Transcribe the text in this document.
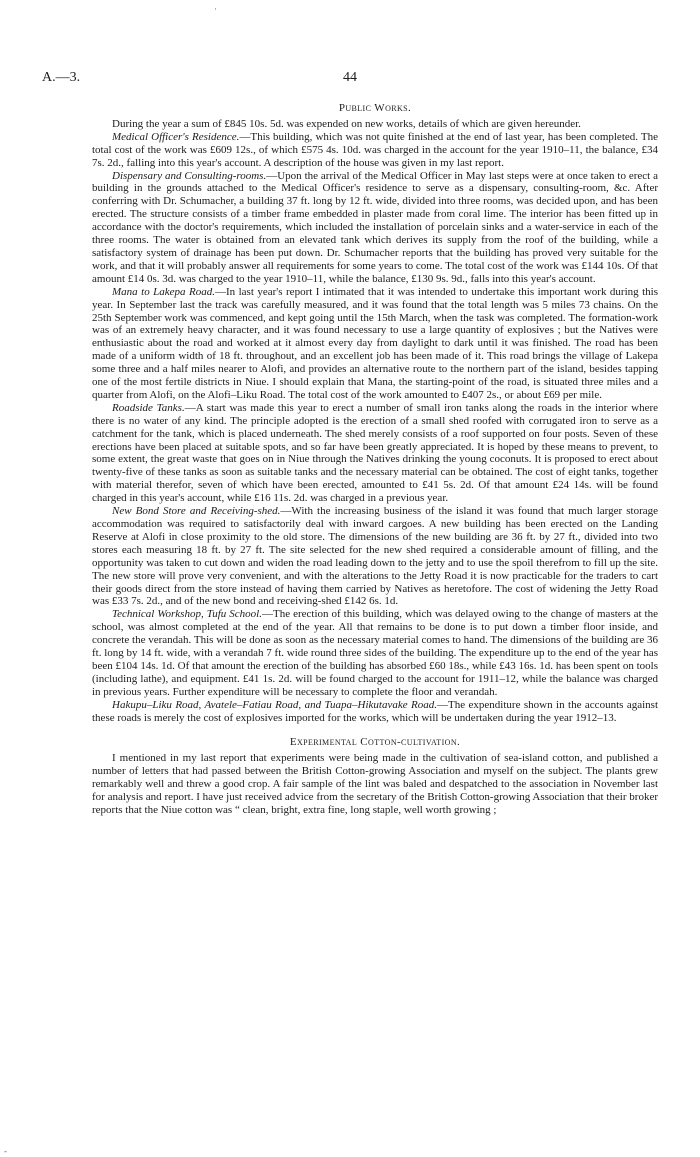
A.—3.	44
Public Works.

During the year a sum of £845 10s. 5d. was expended on new works, details of which are given hereunder.

Medical Officer's Residence.—This building, which was not quite finished at the end of last year, has been completed. The total cost of the work was £609 12s., of which £575 4s. 10d. was charged in the account for the year 1910–11, the balance, £34 7s. 2d., falling into this year's account. A description of the house was given in my last report.

Dispensary and Consulting-rooms.—Upon the arrival of the Medical Officer in May last steps were at once taken to erect a building in the grounds attached to the Medical Officer's residence to serve as a dispensary, consulting-room, &c. After conferring with Dr. Schumacher, a building 37 ft. long by 12 ft. wide, divided into three rooms, was decided upon, and has been erected. The structure consists of a timber frame embedded in plaster made from coral lime. The interior has been fitted up in accordance with the doctor's requirements, which included the installation of porcelain sinks and a water-service in each of the three rooms. The water is obtained from an elevated tank which derives its supply from the roof of the building, while a satisfactory system of drainage has been put down. Dr. Schumacher reports that the building has proved very suitable for the work, and that it will probably answer all requirements for some years to come. The total cost of the work was £144 10s. Of that amount £14 0s. 3d. was charged to the year 1910–11, while the balance, £130 9s. 9d., falls into this year's account.

Mana to Lakepa Road.—In last year's report I intimated that it was intended to undertake this important work during this year. In September last the track was carefully measured, and it was found that the total length was 5 miles 73 chains. On the 25th September work was commenced, and kept going until the 15th March, when the task was completed. The formation-work was of an extremely heavy character, and it was found necessary to use a large quantity of explosives ; but the Natives were enthusiastic about the road and worked at it almost every day from daylight to dark until it was finished. The road has been made of a uniform width of 18 ft. throughout, and an excellent job has been made of it. This road brings the village of Lakepa some three and a half miles nearer to Alofi, and provides an alternative route to the northern part of the island, besides tapping one of the most fertile districts in Niue. I should explain that Mana, the starting-point of the road, is situated three miles and a quarter from Alofi, on the Alofi–Liku Road. The total cost of the work amounted to £407 2s., or about £69 per mile.

Roadside Tanks.—A start was made this year to erect a number of small iron tanks along the roads in the interior where there is no water of any kind. The principle adopted is the erection of a small shed roofed with corrugated iron to serve as a catchment for the tank, which is placed underneath. The shed merely consists of a roof supported on four posts. Seven of these erections have been placed at suitable spots, and so far have been greatly appreciated. It is hoped by these means to prevent, to some extent, the great waste that goes on in Niue through the Natives drinking the young coconuts. It is proposed to erect about twenty-five of these tanks as soon as suitable tanks and the necessary material can be obtained. The cost of eight tanks, together with material therefor, seven of which have been erected, amounted to £41 5s. 2d. Of that amount £24 14s. will be found charged in this year's account, while £16 11s. 2d. was charged in a previous year.

New Bond Store and Receiving-shed.—With the increasing business of the island it was found that much larger storage accommodation was required to satisfactorily deal with inward cargoes. A new building has been erected on the Landing Reserve at Alofi in close proximity to the old store. The dimensions of the new building are 36 ft. by 27 ft., divided into two stores each measuring 18 ft. by 27 ft. The site selected for the new shed required a considerable amount of filling, and the opportunity was taken to cut down and widen the road leading down to the jetty and to use the spoil therefrom to fill up the site. The new store will prove very convenient, and with the alterations to the Jetty Road it is now practicable for the traders to cart their goods direct from the store instead of having them carried by Natives as heretofore. The cost of widening the Jetty Road was £33 7s. 2d., and of the new bond and receiving-shed £142 6s. 1d.

Technical Workshop, Tufu School.—The erection of this building, which was delayed owing to the change of masters at the school, was almost completed at the end of the year. All that remains to be done is to put down a timber floor inside, and concrete the verandah. This will be done as soon as the necessary material comes to hand. The dimensions of the building are 36 ft. long by 14 ft. wide, with a verandah 7 ft. wide round three sides of the building. The expenditure up to the end of the year has been £104 14s. 1d. Of that amount the erection of the building has absorbed £60 18s., while £43 16s. 1d. has been spent on tools (including lathe), and equipment. £41 1s. 2d. will be found charged to the account for 1911–12, while the balance was charged in previous years. Further expenditure will be necessary to complete the floor and verandah.

Hakupu–Liku Road, Avatele–Fatiau Road, and Tuapa–Hikutavake Road.—The expenditure shown in the accounts against these roads is merely the cost of explosives imported for the works, which will be undertaken during the year 1912–13.

Experimental Cotton-cultivation.

I mentioned in my last report that experiments were being made in the cultivation of sea-island cotton, and published a number of letters that had passed between the British Cotton-growing Association and myself on the subject. The plants grew remarkably well and threw a good crop. A fair sample of the lint was baled and despatched to the association in November last for analysis and report. I have just received advice from the secretary of the British Cotton-growing Association that their broker reports that the Niue cotton was “ clean, bright, extra fine, long staple, well worth growing ;

·
-
